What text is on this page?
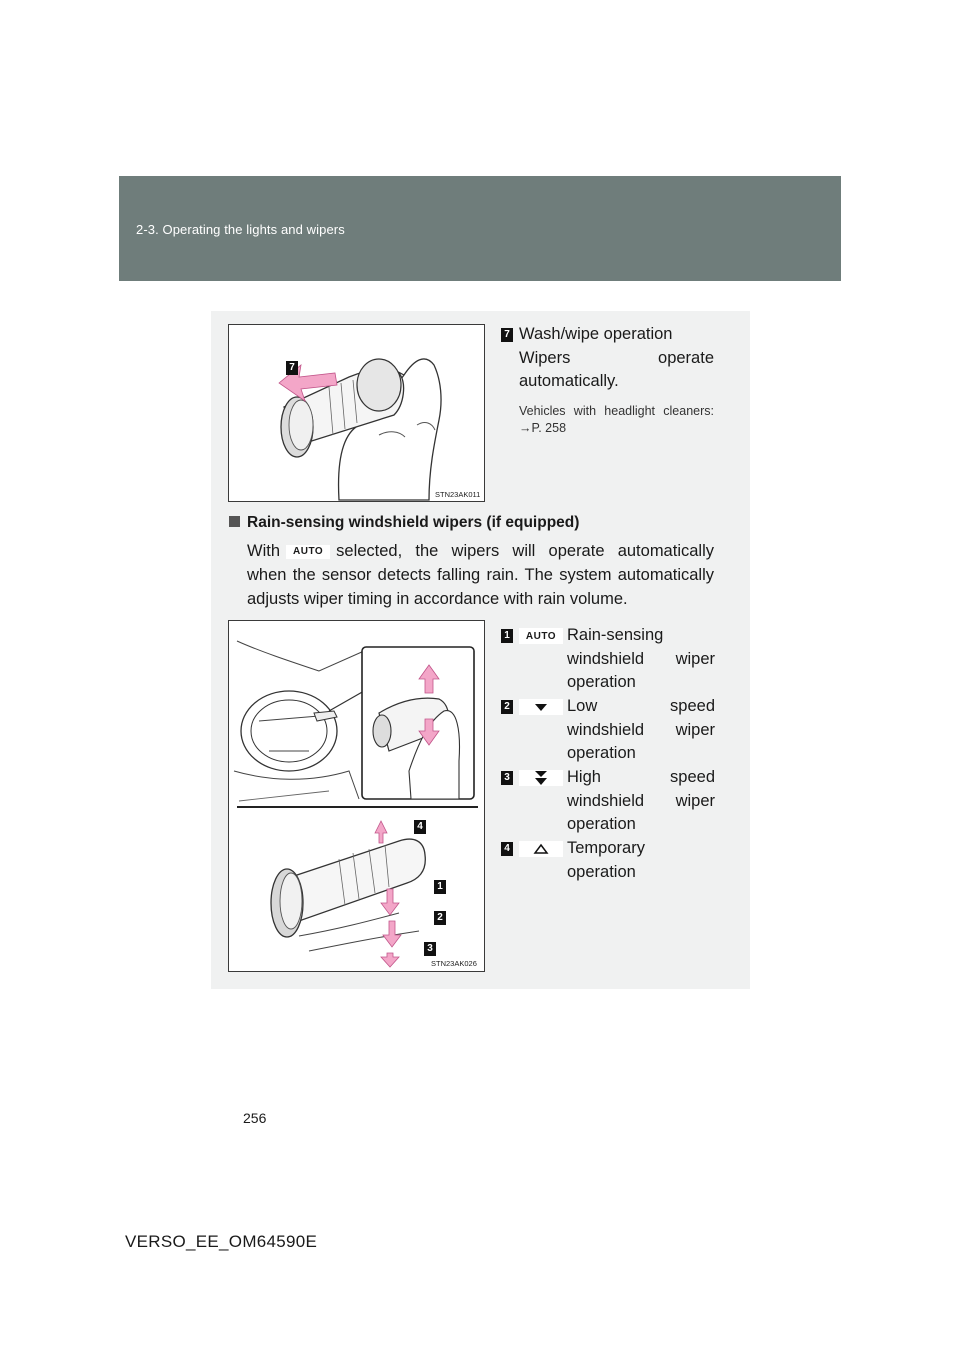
2-3. Operating the lights and wipers
7
STN23AK011
7 Wash/wipe operation
Wipers operate automatically.
Vehicles with headlight cleaners: →P. 258
Rain-sensing windshield wipers (if equipped)
With AUTO selected, the wipers will operate automatically when the sensor detects falling rain. The system automatically adjusts wiper timing in accordance with rain volume.
4
1
2
3
STN23AK026
1	AUTO Rain-sensing windshield wiper operation
2	Low speed windshield wiper operation
3	High speed windshield wiper operation
4	Temporary operation
256
VERSO_EE_OM64590E
